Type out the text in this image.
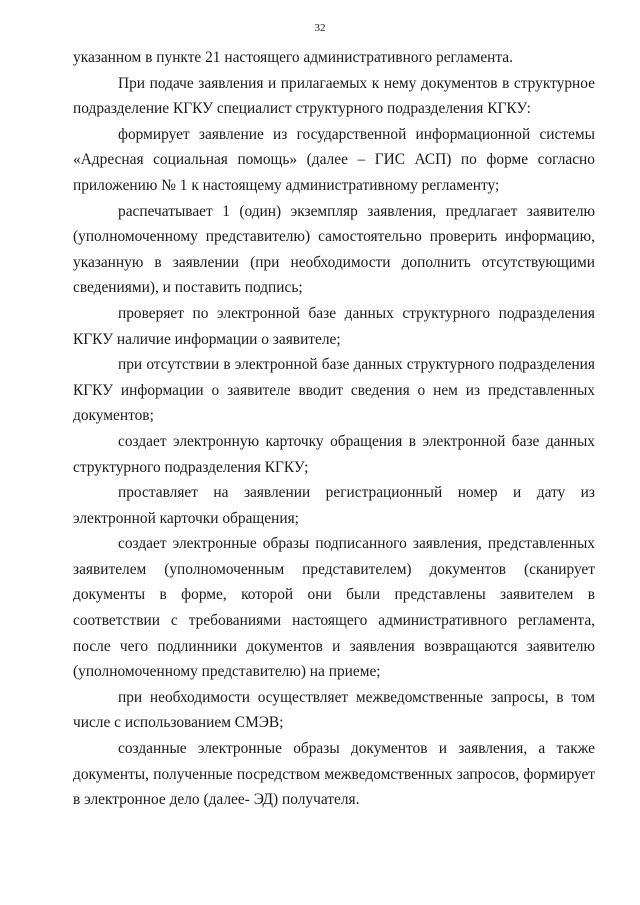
32

указанном в пункте 21 настоящего административного регламента.

При подаче заявления и прилагаемых к нему документов в структурное подразделение КГКУ специалист структурного подразделения КГКУ:

формирует заявление из государственной информационной системы «Адресная социальная помощь» (далее – ГИС АСП) по форме согласно приложению № 1 к настоящему административному регламенту;

распечатывает 1 (один) экземпляр заявления, предлагает заявителю (уполномоченному представителю) самостоятельно проверить информацию, указанную в заявлении (при необходимости дополнить отсутствующими сведениями), и поставить подпись;

проверяет по электронной базе данных структурного подразделения КГКУ наличие информации о заявителе;

при отсутствии в электронной базе данных структурного подразделения КГКУ информации о заявителе вводит сведения о нем из представленных документов;

создает электронную карточку обращения в электронной базе данных структурного подразделения КГКУ;

проставляет на заявлении регистрационный номер и дату из электронной карточки обращения;

создает электронные образы подписанного заявления, представленных заявителем (уполномоченным представителем) документов (сканирует документы в форме, которой они были представлены заявителем в соответствии с требованиями настоящего административного регламента, после чего подлинники документов и заявления возвращаются заявителю (уполномоченному представителю) на приеме;

при необходимости осуществляет межведомственные запросы, в том числе с использованием СМЭВ;

созданные электронные образы документов и заявления, а также документы, полученные посредством межведомственных запросов, формирует в электронное дело (далее- ЭД) получателя.
